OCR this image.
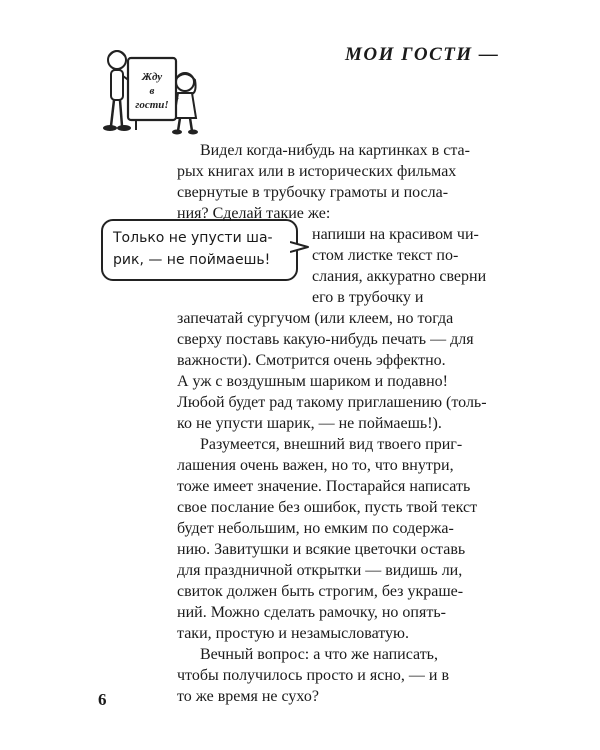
МОИ ГОСТИ —
Жду
в
гости!
Только не упусти ша-
рик, — не поймаешь!
Видел когда-нибудь на картинках в ста-
рых книгах или в исторических фильмах
свернутые в трубочку грамоты и посла-
ния? Сделай такие же:
напиши на красивом чи-
стом листке текст по-
слания, аккуратно сверни
его в трубочку и
запечатай сургучом (или клеем, но тогда
сверху поставь какую-нибудь печать — для
важности). Смотрится очень эффектно.
А уж с воздушным шариком и подавно!
Любой будет рад такому приглашению (толь-
ко не упусти шарик, — не поймаешь!).
Разумеется, внешний вид твоего приг-
лашения очень важен, но то, что внутри,
тоже имеет значение. Постарайся написать
свое послание без ошибок, пусть твой текст
будет небольшим, но емким по содержа-
нию. Завитушки и всякие цветочки оставь
для праздничной открытки — видишь ли,
свиток должен быть строгим, без украше-
ний. Можно сделать рамочку, но опять-
таки, простую и незамысловатую.
Вечный вопрос: а что же написать,
чтобы получилось просто и ясно, — и в
то же время не сухо?
6
